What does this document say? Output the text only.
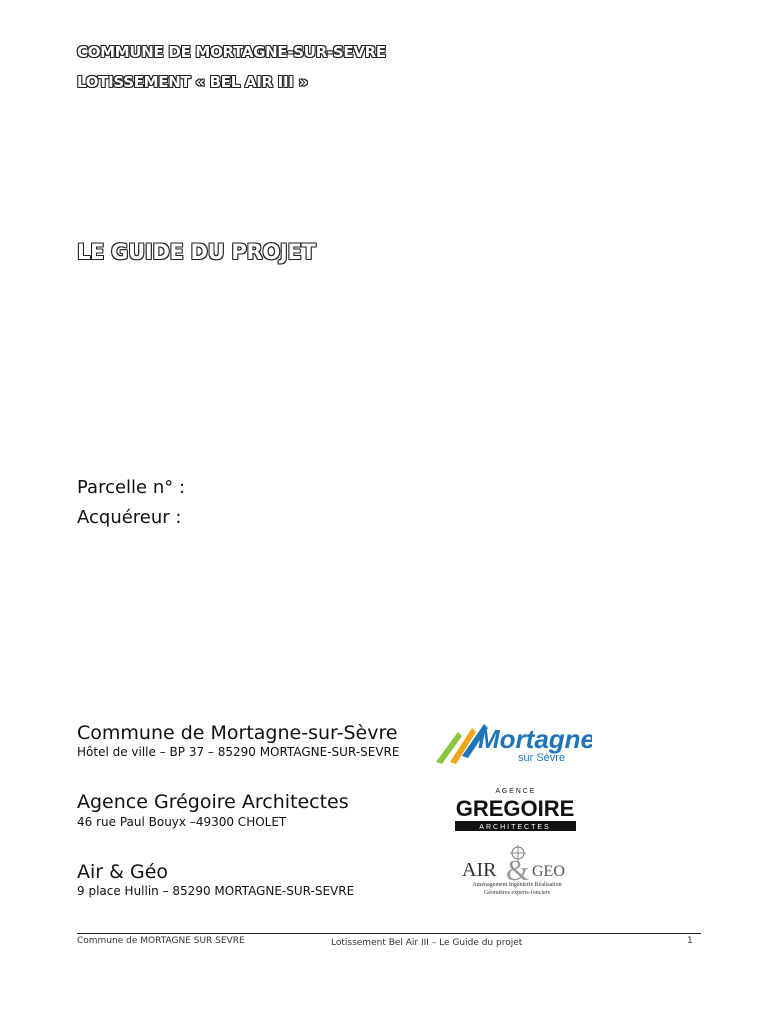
COMMUNE DE MORTAGNE-SUR-SEVRE
LOTISSEMENT « BEL AIR III »
LE GUIDE DU PROJET
Parcelle n° :
Acquéreur :
Commune de Mortagne-sur-Sèvre
Hôtel de ville – BP 37 – 85290 MORTAGNE-SUR-SEVRE	Mortagne
sur Sèvre
Agence Grégoire Architectes
46 rue Paul Bouyx –49300 CHOLET
A G E N C E
GREGOIRE
ARCHITECTES
Air & Géo
9 place Hullin – 85290 MORTAGNE-SUR-SEVRE
AIR & GEO
Aménagement Ingénierie Réalisation
Géomètres experts-fonciers
Commune de MORTAGNE SUR SEVRE	Lotissement Bel Air III – Le Guide du projet	1
